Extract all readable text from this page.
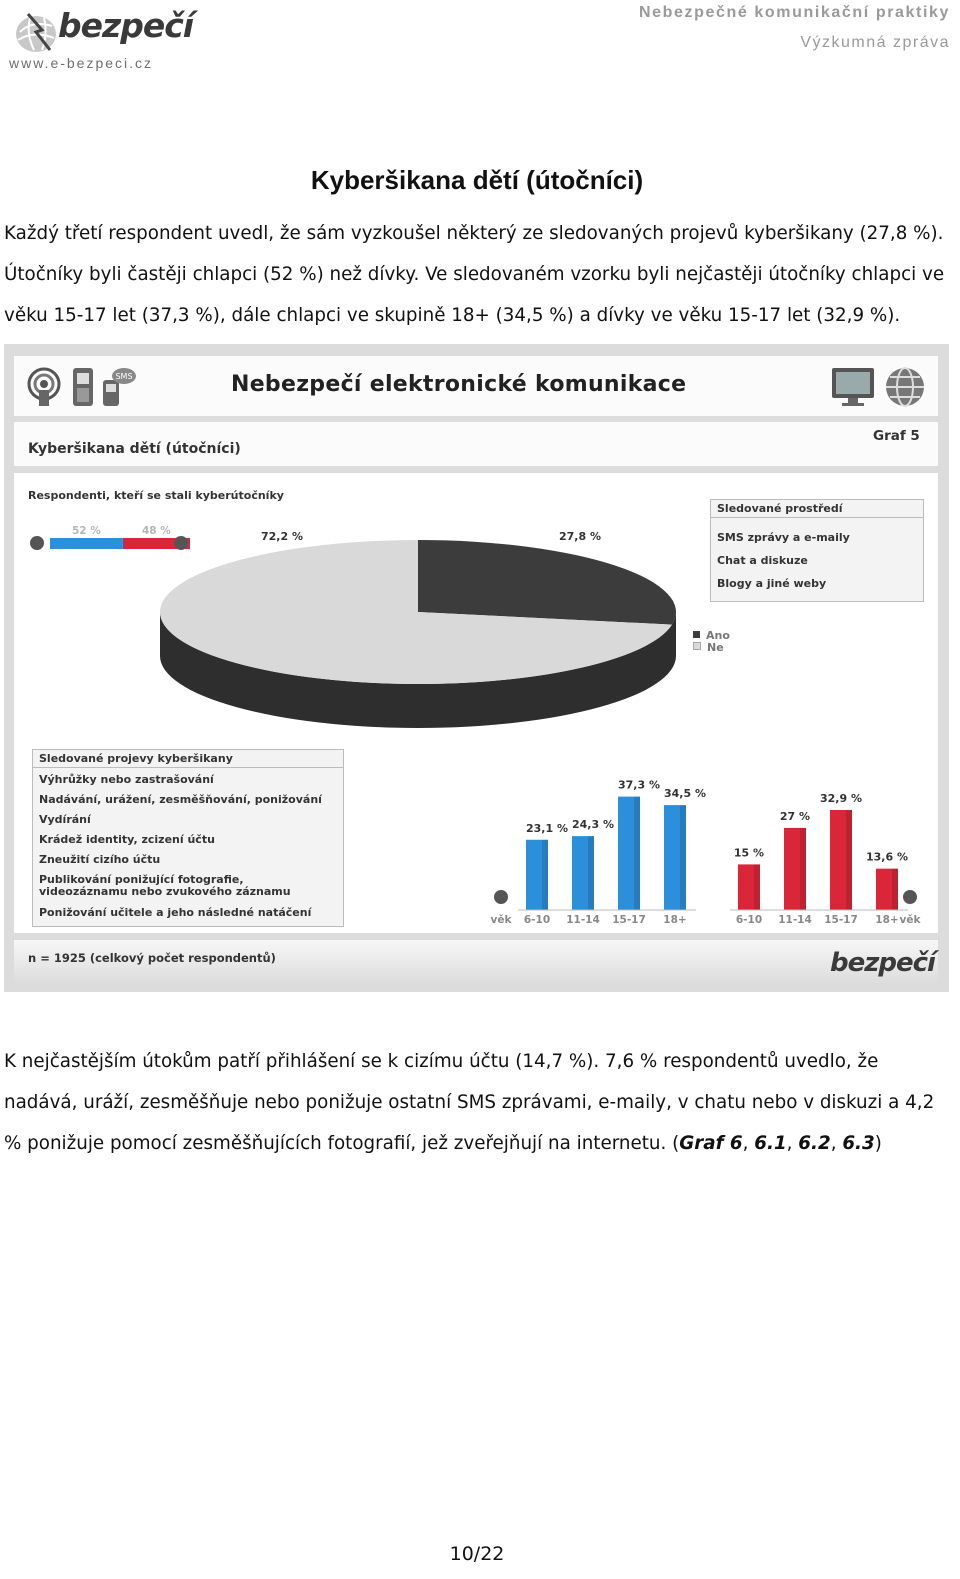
bezpečí
www.e-bezpeci.cz
Nebezpečné komunikační praktiky
Výzkumná zpráva
Kyberšikana dětí (útočníci)
Každý třetí respondent uvedl, že sám vyzkoušel některý ze sledovaných projevů kyberšikany (27,8 %). Útočníky byli častěji chlapci (52 %) než dívky. Ve sledovaném vzorku byli nejčastěji útočníky chlapci ve věku 15-17 let (37,3 %), dále chlapci ve skupině 18+ (34,5 %) a dívky ve věku 15-17 let (32,9 %).
SMS	Nebezpečí elektronické komunikace
Kyberšikana dětí (útočníci)
Graf 5
Respondenti, kteří se stali kyberútočníky
27,8 %
72,2 %
52 %	48 %
23,1 %
6-10
24,3 %
11-14
37,3 %
15-17
34,5 %
18+
15 %
6-10
27 %
11-14
32,9 %
15-17
13,6 %
18+
věk	věk
Sledované prostředí
SMS zprávy a e-maily
Chat a diskuze
Blogy a jiné weby
Ano
Ne
Sledované projevy kyberšikany
Výhrůžky nebo zastrašování
Nadávání, urážení, zesměšňování, ponižování
Vydírání
Krádež identity, zcizení účtu
Zneužití cizího účtu
Publikování ponižující fotografie, videozáznamu nebo zvukového záznamu
Ponižování učitele a jeho následné natáčení
n = 1925 (celkový počet respondentů)	bezpečí
K nejčastějším útokům patří přihlášení se k cizímu účtu (14,7 %). 7,6 % respondentů uvedlo, že nadává, uráží, zesměšňuje nebo ponižuje ostatní SMS zprávami, e-maily, v chatu nebo v diskuzi a 4,2 % ponižuje pomocí zesměšňujících fotografií, jež zveřejňují na internetu. (Graf 6, 6.1, 6.2, 6.3)
10/22
